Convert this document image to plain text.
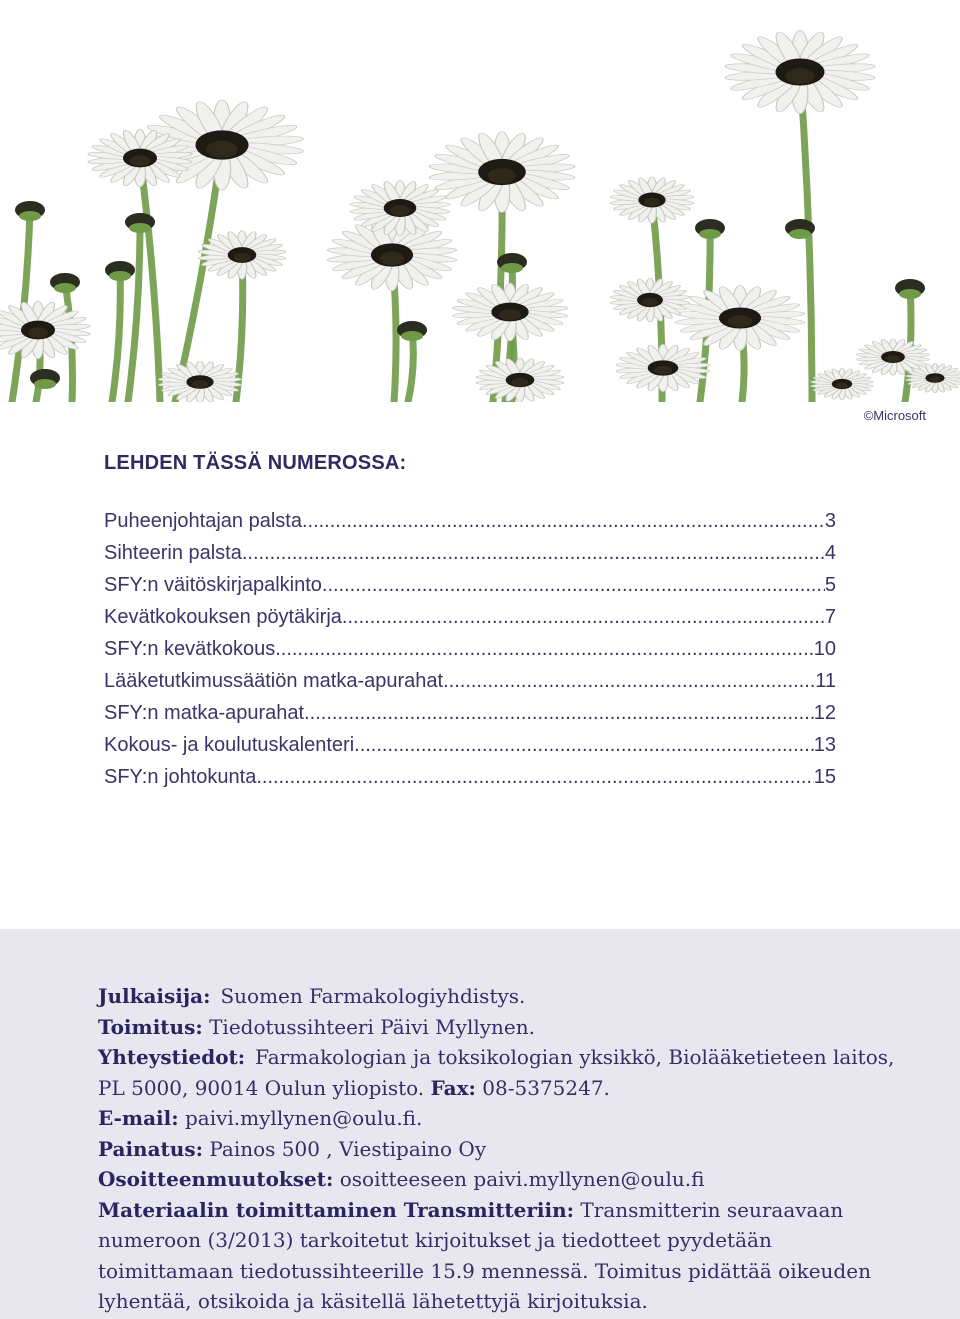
©Microsoft
LEHDEN TÄSSÄ NUMEROSSA:
Puheenjohtajan palsta .....	3
Sihteerin palsta .....	4
SFY:n väitöskirjapalkinto .....	5
Kevätkokouksen pöytäkirja .....	7
SFY:n kevätkokous .....	10
Lääketutkimussäätiön matka-apurahat .....	11
SFY:n matka-apurahat .....	12
Kokous- ja koulutuskalenteri .....	13
SFY:n johtokunta .....	15
Julkaisija: Suomen Farmakologiyhdistys.
Toimitus: Tiedotussihteeri Päivi Myllynen.
Yhteystiedot: Farmakologian ja toksikologian yksikkö, Biolääketieteen laitos, PL 5000, 90014 Oulun yliopisto. Fax: 08-5375247.
E-mail: paivi.myllynen@oulu.fi.
Painatus: Painos 500 , Viestipaino Oy
Osoitteenmuutokset: osoitteeseen paivi.myllynen@oulu.fi
Materiaalin toimittaminen Transmitteriin: Transmitterin seuraavaan numeroon (3/2013) tarkoitetut kirjoitukset ja tiedotteet pyydetään toimittamaan tiedotussihteerille 15.9 mennessä. Toimitus pidättää oikeuden lyhentää, otsikoida ja käsitellä lähetettyjä kirjoituksia.
